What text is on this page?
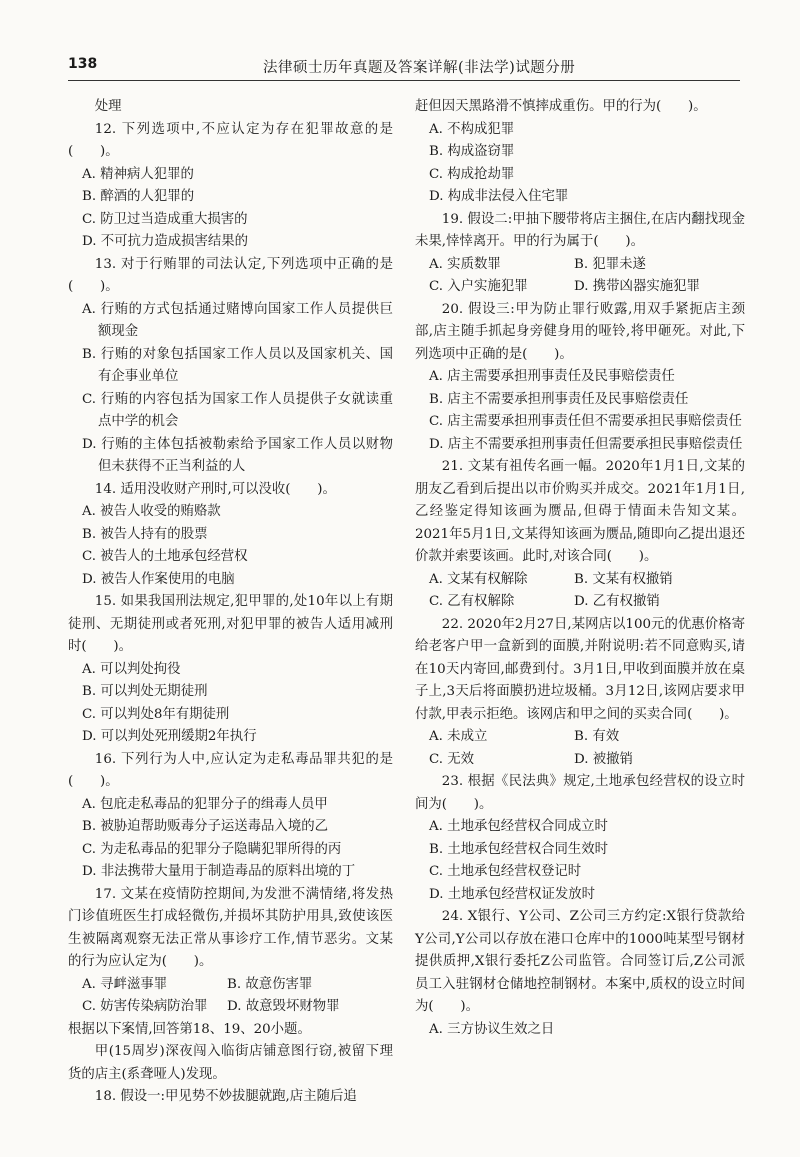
138	法律硕士历年真题及答案详解(非法学)试题分册
处理
12. 下列选项中,不应认定为存在犯罪故意的是(　　)。
A. 精神病人犯罪的
B. 醉酒的人犯罪的
C. 防卫过当造成重大损害的
D. 不可抗力造成损害结果的
13. 对于行贿罪的司法认定,下列选项中正确的是(　　)。
A. 行贿的方式包括通过赌博向国家工作人员提供巨额现金
B. 行贿的对象包括国家工作人员以及国家机关、国有企事业单位
C. 行贿的内容包括为国家工作人员提供子女就读重点中学的机会
D. 行贿的主体包括被勒索给予国家工作人员以财物但未获得不正当利益的人
14. 适用没收财产刑时,可以没收(　　)。
A. 被告人收受的贿赂款
B. 被告人持有的股票
C. 被告人的土地承包经营权
D. 被告人作案使用的电脑
15. 如果我国刑法规定,犯甲罪的,处10年以上有期徒刑、无期徒刑或者死刑,对犯甲罪的被告人适用减刑时(　　)。
A. 可以判处拘役
B. 可以判处无期徒刑
C. 可以判处8年有期徒刑
D. 可以判处死刑缓期2年执行
16. 下列行为人中,应认定为走私毒品罪共犯的是(　　)。
A. 包庇走私毒品的犯罪分子的缉毒人员甲
B. 被胁迫帮助贩毒分子运送毒品入境的乙
C. 为走私毒品的犯罪分子隐瞒犯罪所得的丙
D. 非法携带大量用于制造毒品的原料出境的丁
17. 文某在疫情防控期间,为发泄不满情绪,将发热门诊值班医生打成轻微伤,并损坏其防护用具,致使该医生被隔离观察无法正常从事诊疗工作,情节恶劣。文某的行为应认定为(　　)。
A. 寻衅滋事罪	B. 故意伤害罪
C. 妨害传染病防治罪	D. 故意毁坏财物罪
根据以下案情,回答第18、19、20小题。
甲(15周岁)深夜闯入临街店铺意图行窃,被留下理货的店主(系聋哑人)发现。
18. 假设一:甲见势不妙拔腿就跑,店主随后追
赶但因天黑路滑不慎摔成重伤。甲的行为(　　)。
A. 不构成犯罪
B. 构成盗窃罪
C. 构成抢劫罪
D. 构成非法侵入住宅罪
19. 假设二:甲抽下腰带将店主捆住,在店内翻找现金未果,悻悻离开。甲的行为属于(　　)。
A. 实质数罪	B. 犯罪未遂
C. 入户实施犯罪	D. 携带凶器实施犯罪
20. 假设三:甲为防止罪行败露,用双手紧扼店主颈部,店主随手抓起身旁健身用的哑铃,将甲砸死。对此,下列选项中正确的是(　　)。
A. 店主需要承担刑事责任及民事赔偿责任
B. 店主不需要承担刑事责任及民事赔偿责任
C. 店主需要承担刑事责任但不需要承担民事赔偿责任
D. 店主不需要承担刑事责任但需要承担民事赔偿责任
21. 文某有祖传名画一幅。2020年1月1日,文某的朋友乙看到后提出以市价购买并成交。2021年1月1日,乙经鉴定得知该画为赝品,但碍于情面未告知文某。2021年5月1日,文某得知该画为赝品,随即向乙提出退还价款并索要该画。此时,对该合同(　　)。
A. 文某有权解除	B. 文某有权撤销
C. 乙有权解除	D. 乙有权撤销
22. 2020年2月27日,某网店以100元的优惠价格寄给老客户甲一盒新到的面膜,并附说明:若不同意购买,请在10天内寄回,邮费到付。3月1日,甲收到面膜并放在桌子上,3天后将面膜扔进垃圾桶。3月12日,该网店要求甲付款,甲表示拒绝。该网店和甲之间的买卖合同(　　)。
A. 未成立	B. 有效
C. 无效	D. 被撤销
23. 根据《民法典》规定,土地承包经营权的设立时间为(　　)。
A. 土地承包经营权合同成立时
B. 土地承包经营权合同生效时
C. 土地承包经营权登记时
D. 土地承包经营权证发放时
24. X银行、Y公司、Z公司三方约定:X银行贷款给Y公司,Y公司以存放在港口仓库中的1000吨某型号钢材提供质押,X银行委托Z公司监管。合同签订后,Z公司派员工入驻钢材仓储地控制钢材。本案中,质权的设立时间为(　　)。
A. 三方协议生效之日
